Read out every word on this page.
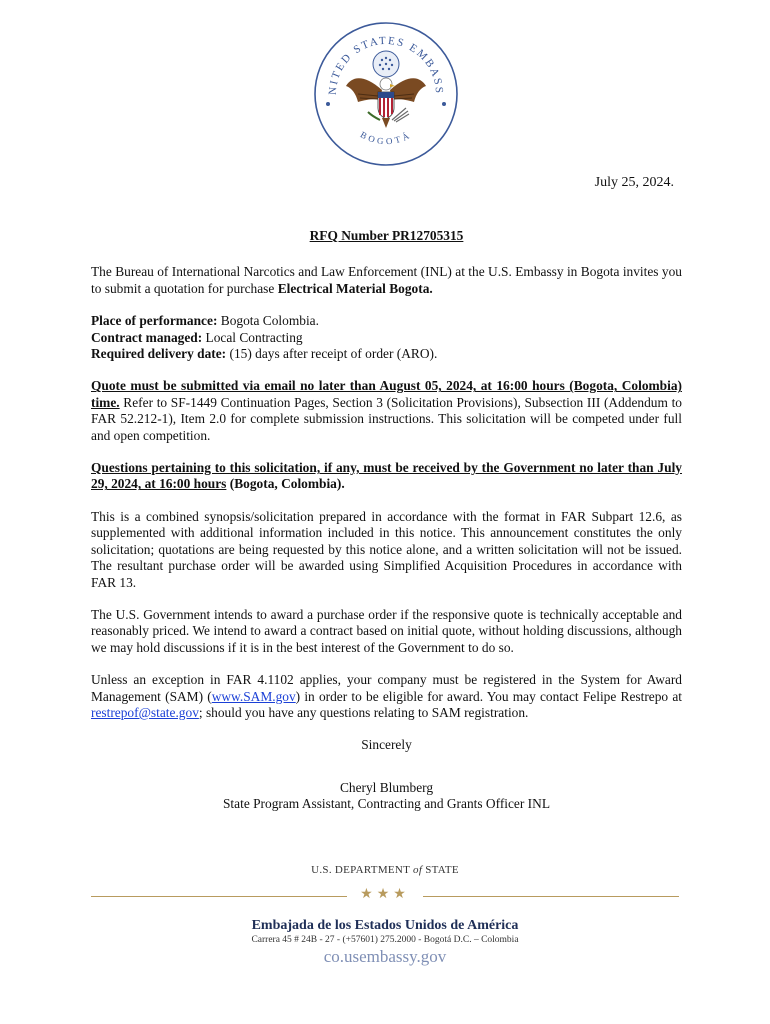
NITED STATES EMBASS
BOGOTÁ
July 25, 2024.

RFQ Number PR12705315

The Bureau of International Narcotics and Law Enforcement (INL) at the U.S. Embassy in Bogota invites you to submit a quotation for purchase Electrical Material Bogota.

Place of performance: Bogota Colombia.
Contract managed: Local Contracting
Required delivery date: (15) days after receipt of order (ARO).

Quote must be submitted via email no later than August 05, 2024, at 16:00 hours (Bogota, Colombia) time. Refer to SF-1449 Continuation Pages, Section 3 (Solicitation Provisions), Subsection III (Addendum to FAR 52.212-1), Item 2.0 for complete submission instructions. This solicitation will be competed under full and open competition.

Questions pertaining to this solicitation, if any, must be received by the Government no later than July 29, 2024, at 16:00 hours (Bogota, Colombia).

This is a combined synopsis/solicitation prepared in accordance with the format in FAR Subpart 12.6, as supplemented with additional information included in this notice. This announcement constitutes the only solicitation; quotations are being requested by this notice alone, and a written solicitation will not be issued. The resultant purchase order will be awarded using Simplified Acquisition Procedures in accordance with FAR 13.

The U.S. Government intends to award a purchase order if the responsive quote is technically acceptable and reasonably priced. We intend to award a contract based on initial quote, without holding discussions, although we may hold discussions if it is in the best interest of the Government to do so.

Unless an exception in FAR 4.1102 applies, your company must be registered in the System for Award Management (SAM) (www.SAM.gov) in order to be eligible for award. You may contact Felipe Restrepo at restrepof@state.gov; should you have any questions relating to SAM registration.

Sincerely

Cheryl Blumberg
State Program Assistant, Contracting and Grants Officer INL
U.S. DEPARTMENT of STATE
★★★
Embajada de los Estados Unidos de América
Carrera 45 # 24B - 27 - (+57601) 275.2000 - Bogotá D.C. – Colombia
co.usembassy.gov
